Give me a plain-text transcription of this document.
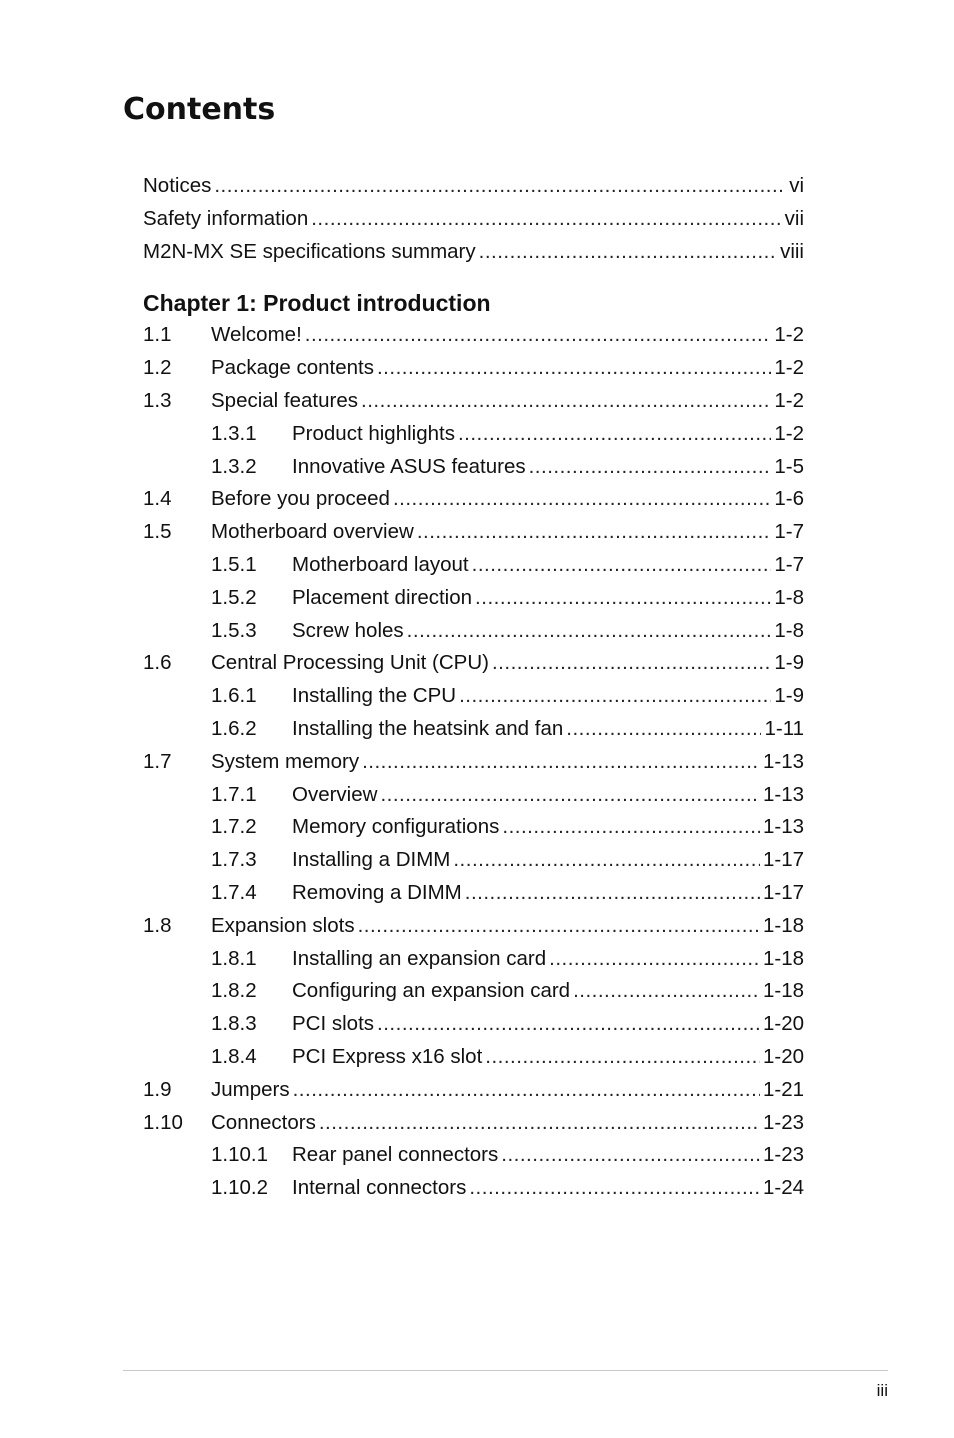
Contents
Notices .....	vi
Safety information .....	vii
M2N-MX SE specifications summary .....	viii
Chapter 1: Product introduction
1.1	Welcome! .....	1-2
1.2	Package contents .....	1-2
1.3	Special features .....	1-2
1.3.1	Product highlights .....	1-2
1.3.2	Innovative ASUS features .....	1-5
1.4	Before you proceed .....	1-6
1.5	Motherboard overview .....	1-7
1.5.1	Motherboard layout .....	1-7
1.5.2	Placement direction .....	1-8
1.5.3	Screw holes .....	1-8
1.6	Central Processing Unit (CPU) .....	1-9
1.6.1	Installing the CPU .....	1-9
1.6.2	Installing the heatsink and fan .....	1-11
1.7	System memory .....	1-13
1.7.1	Overview .....	1-13
1.7.2	Memory configurations .....	1-13
1.7.3	Installing a DIMM .....	1-17
1.7.4	Removing a DIMM .....	1-17
1.8	Expansion slots .....	1-18
1.8.1	Installing an expansion card .....	1-18
1.8.2	Configuring an expansion card .....	1-18
1.8.3	PCI slots .....	1-20
1.8.4	PCI Express x16 slot .....	1-20
1.9	Jumpers .....	1-21
1.10	Connectors .....	1-23
1.10.1	Rear panel connectors .....	1-23
1.10.2	Internal connectors .....	1-24
iii
